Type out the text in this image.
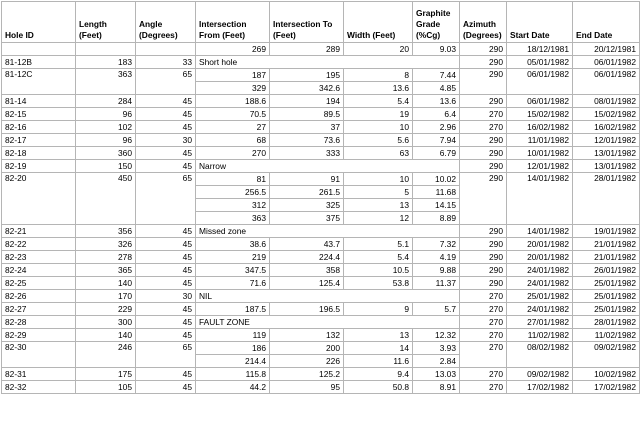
Hole ID	Length (Feet)	Angle (Degrees)	Intersection From (Feet)	Intersection To (Feet)	Width (Feet)	Graphite Grade (%Cg)	Azimuth (Degrees)	Start Date	End Date
			269	289	20	9.03	290	18/12/1981	20/12/1981
81-12B	183	33	Short hole				290	05/01/1982	06/01/1982
81-12C	363	65	187	195	8	7.44	290	06/01/1982	06/01/1982
			329	342.6	13.6	4.85			
81-14	284	45	188.6	194	5.4	13.6	290	06/01/1982	08/01/1982
82-15	96	45	70.5	89.5	19	6.4	270	15/02/1982	15/02/1982
82-16	102	45	27	37	10	2.96	270	16/02/1982	16/02/1982
82-17	96	30	68	73.6	5.6	7.94	290	11/01/1982	12/01/1982
82-18	360	45	270	333	63	6.79	290	10/01/1982	13/01/1982
82-19	150	45	Narrow				290	12/01/1982	13/01/1982
82-20	450	65	81	91	10	10.02	290	14/01/1982	28/01/1982
			256.5	261.5	5	11.68			
			312	325	13	14.15			
			363	375	12	8.89			
82-21	356	45	Missed zone				290	14/01/1982	19/01/1982
82-22	326	45	38.6	43.7	5.1	7.32	290	20/01/1982	21/01/1982
82-23	278	45	219	224.4	5.4	4.19	290	20/01/1982	21/01/1982
82-24	365	45	347.5	358	10.5	9.88	290	24/01/1982	26/01/1982
82-25	140	45	71.6	125.4	53.8	11.37	290	24/01/1982	25/01/1982
82-26	170	30	NIL				270	25/01/1982	25/01/1982
82-27	229	45	187.5	196.5	9	5.7	270	24/01/1982	25/01/1982
82-28	300	45	FAULT ZONE				270	27/01/1982	28/01/1982
82-29	140	45	119	132	13	12.32	270	11/02/1982	11/02/1982
82-30	246	65	186	200	14	3.93	270	08/02/1982	09/02/1982
			214.4	226	11.6	2.84			
82-31	175	45	115.8	125.2	9.4	13.03	270	09/02/1982	10/02/1982
82-32	105	45	44.2	95	50.8	8.91	270	17/02/1982	17/02/1982
